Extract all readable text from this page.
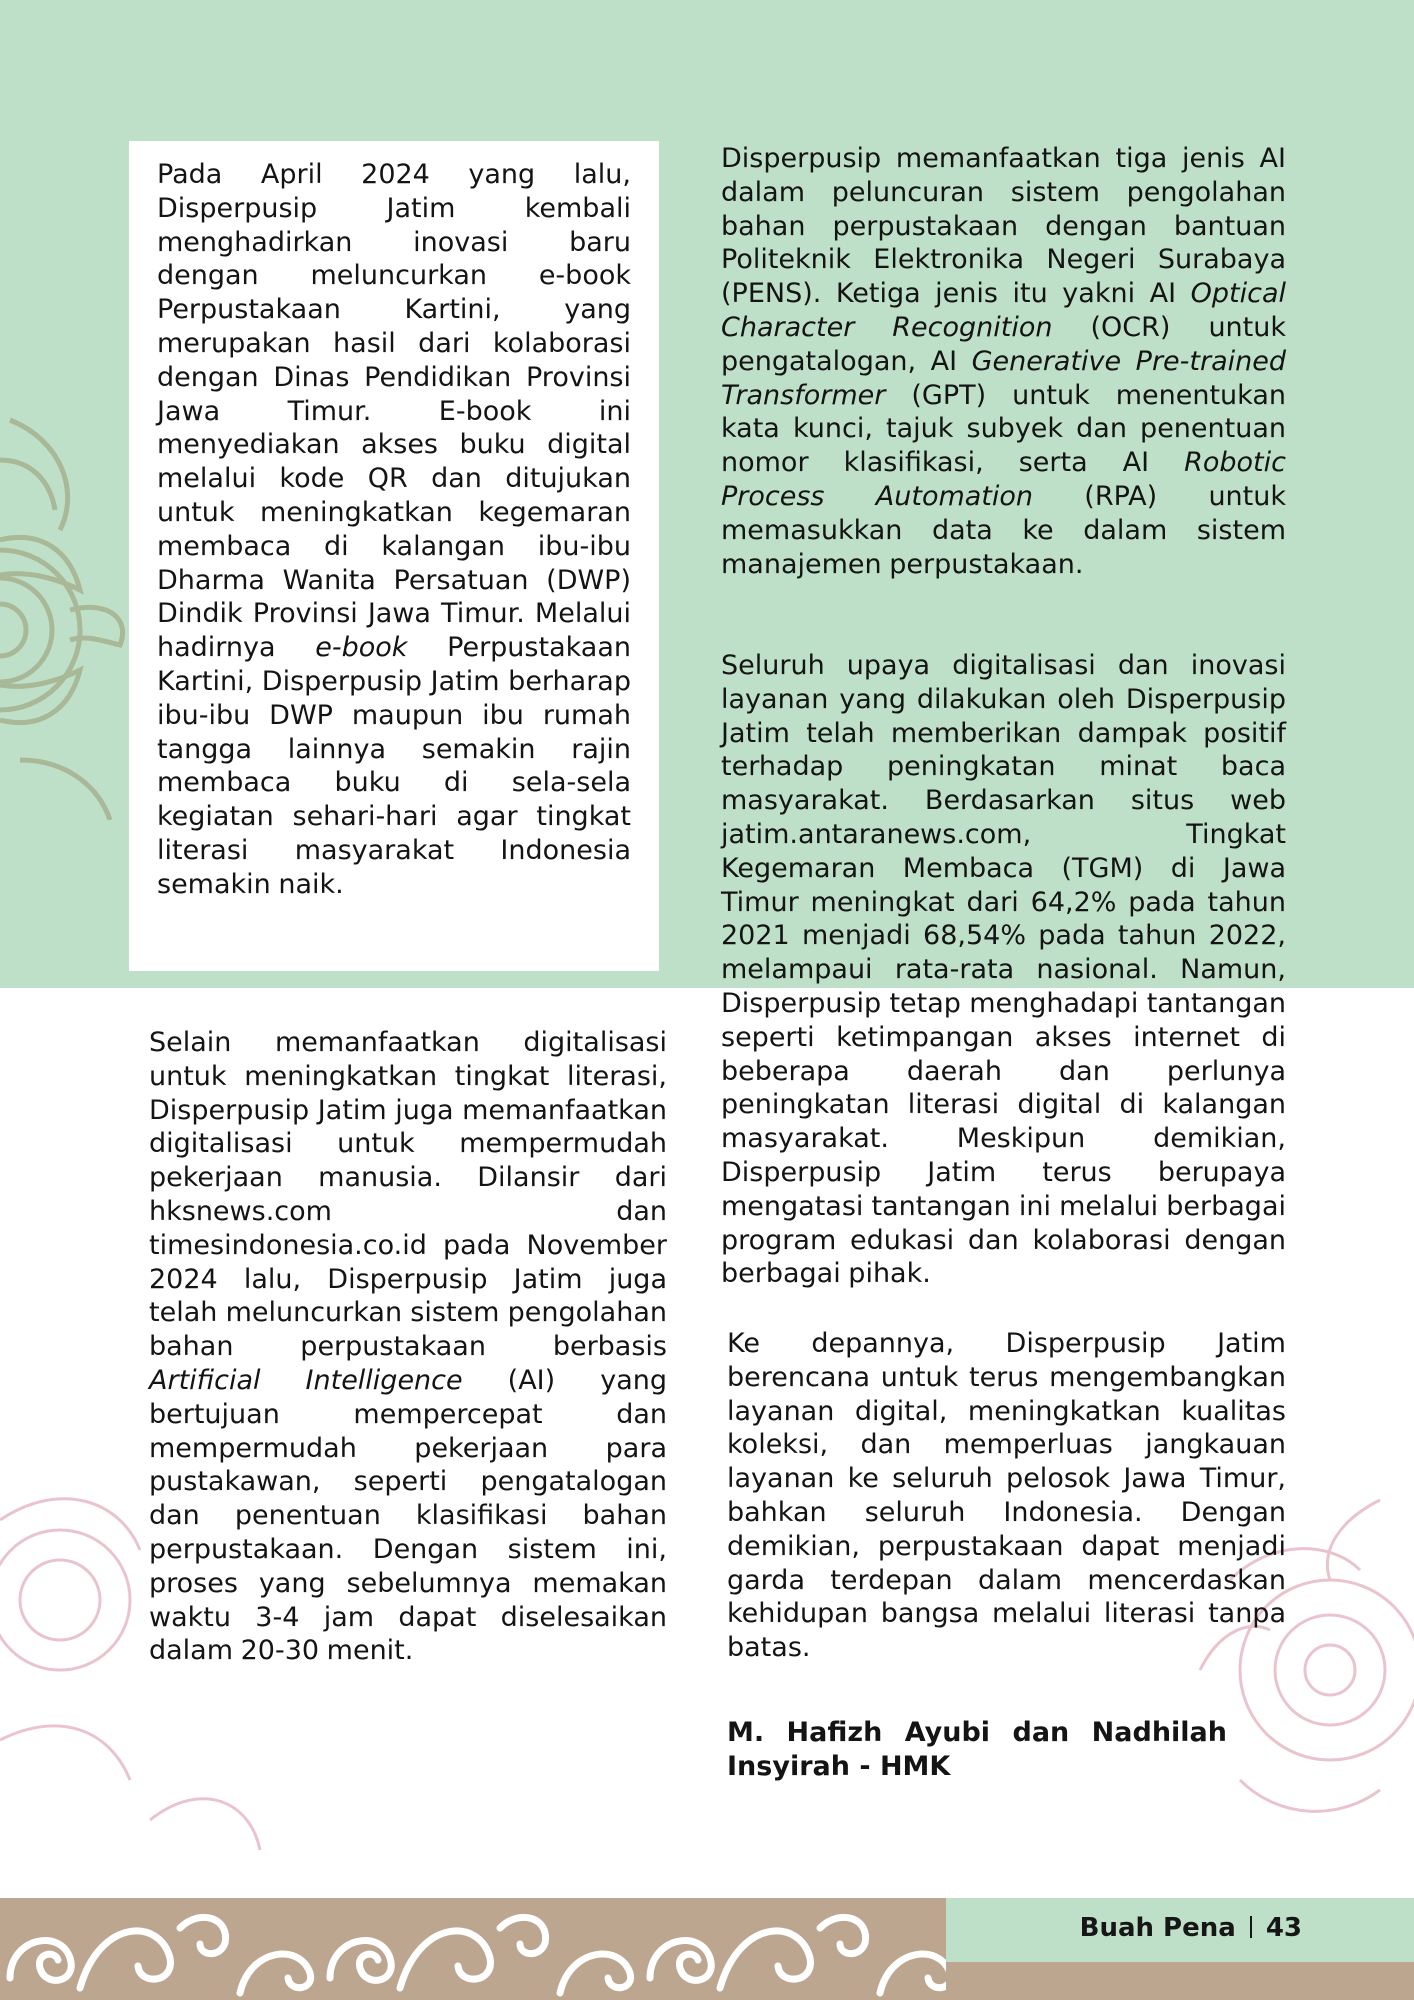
Pada April 2024 yang lalu, Disperpusip Jatim kembali menghadirkan inovasi baru dengan meluncurkan e-book Perpustakaan Kartini, yang merupakan hasil dari kolaborasi dengan Dinas Pendidikan Provinsi Jawa Timur. E-book ini menyediakan akses buku digital melalui kode QR dan ditujukan untuk meningkatkan kegemaran membaca di kalangan ibu-ibu Dharma Wanita Persatuan (DWP) Dindik Provinsi Jawa Timur. Melalui hadirnya e-book Perpustakaan Kartini, Disperpusip Jatim berharap ibu-ibu DWP maupun ibu rumah tangga lainnya semakin rajin membaca buku di sela-sela kegiatan sehari-hari agar tingkat literasi masyarakat Indonesia semakin naik.

Selain memanfaatkan digitalisasi untuk meningkatkan tingkat literasi, Disperpusip Jatim juga memanfaatkan digitalisasi untuk mempermudah pekerjaan manusia. Dilansir dari hksnews.com dan timesindonesia.co.id pada November 2024 lalu, Disperpusip Jatim juga telah meluncurkan sistem pengolahan bahan perpustakaan berbasis Artificial Intelligence (AI) yang bertujuan mempercepat dan mempermudah pekerjaan para pustakawan, seperti pengatalogan dan penentuan klasifikasi bahan perpustakaan. Dengan sistem ini, proses yang sebelumnya memakan waktu 3-4 jam dapat diselesaikan dalam 20-30 menit.

Disperpusip memanfaatkan tiga jenis AI dalam peluncuran sistem pengolahan bahan perpustakaan dengan bantuan Politeknik Elektronika Negeri Surabaya (PENS). Ketiga jenis itu yakni AI Optical Character Recognition (OCR) untuk pengatalogan, AI Generative Pre-trained Transformer (GPT) untuk menentukan kata kunci, tajuk subyek dan penentuan nomor klasifikasi, serta AI Robotic Process Automation (RPA) untuk memasukkan data ke dalam sistem manajemen perpustakaan.

Seluruh upaya digitalisasi dan inovasi layanan yang dilakukan oleh Disperpusip Jatim telah memberikan dampak positif terhadap peningkatan minat baca masyarakat. Berdasarkan situs web jatim.antaranews.com, Tingkat Kegemaran Membaca (TGM) di Jawa Timur meningkat dari 64,2% pada tahun 2021 menjadi 68,54% pada tahun 2022, melampaui rata-rata nasional. Namun, Disperpusip tetap menghadapi tantangan seperti ketimpangan akses internet di beberapa daerah dan perlunya peningkatan literasi digital di kalangan masyarakat. Meskipun demikian, Disperpusip Jatim terus berupaya mengatasi tantangan ini melalui berbagai program edukasi dan kolaborasi dengan berbagai pihak.

Ke depannya, Disperpusip Jatim berencana untuk terus mengembangkan layanan digital, meningkatkan kualitas koleksi, dan memperluas jangkauan layanan ke seluruh pelosok Jawa Timur, bahkan seluruh Indonesia. Dengan demikian, perpustakaan dapat menjadi garda terdepan dalam mencerdaskan kehidupan bangsa melalui literasi tanpa batas.

M. Hafizh Ayubi dan Nadhilah Insyirah - HMK

Buah Pena 43
